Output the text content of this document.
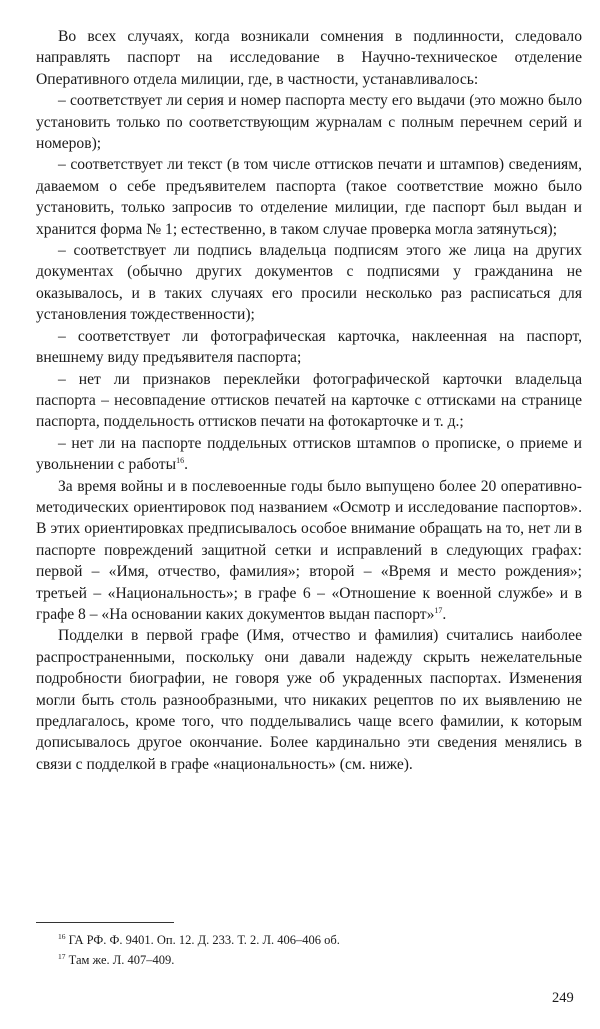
Во всех случаях, когда возникали сомнения в подлинности, следовало направлять паспорт на исследование в Научно-техническое отделение Оперативного отдела милиции, где, в частности, устанавливалось:

– соответствует ли серия и номер паспорта месту его выдачи (это можно было установить только по соответствующим журналам с полным перечнем серий и номеров);

– соответствует ли текст (в том числе оттисков печати и штампов) сведениям, даваемом о себе предъявителем паспорта (такое соответствие можно было установить, только запросив то отделение милиции, где паспорт был выдан и хранится форма № 1; естественно, в таком случае проверка могла затянуться);

– соответствует ли подпись владельца подписям этого же лица на других документах (обычно других документов с подписями у гражданина не оказывалось, и в таких случаях его просили несколько раз расписаться для установления тождественности);

– соответствует ли фотографическая карточка, наклеенная на паспорт, внешнему виду предъявителя паспорта;

– нет ли признаков переклейки фотографической карточки владельца паспорта – несовпадение оттисков печатей на карточке с оттисками на странице паспорта, поддельность оттисков печати на фотокарточке и т. д.;

– нет ли на паспорте поддельных оттисков штампов о прописке, о приеме и увольнении с работы$^{16}$.

За время войны и в послевоенные годы было выпущено более 20 оперативно-методических ориентировок под названием «Осмотр и исследование паспортов». В этих ориентировках предписывалось особое внимание обращать на то, нет ли в паспорте повреждений защитной сетки и исправлений в следующих графах: первой – «Имя, отчество, фамилия»; второй – «Время и место рождения»; третьей – «Национальность»; в графе 6 – «Отношение к военной службе» и в графе 8 – «На основании каких документов выдан паспорт»$^{17}$.

Подделки в первой графе (Имя, отчество и фамилия) считались наиболее распространенными, поскольку они давали надежду скрыть нежелательные подробности биографии, не говоря уже об украденных паспортах. Изменения могли быть столь разнообразными, что никаких рецептов по их выявлению не предлагалось, кроме того, что подделывались чаще всего фамилии, к которым дописывалось другое окончание. Более кардинально эти сведения менялись в связи с подделкой в графе «национальность» (см. ниже).

$^{16}$ ГА РФ. Ф. 9401. Оп. 12. Д. 233. Т. 2. Л. 406–406 об.

$^{17}$ Там же. Л. 407–409.

249
